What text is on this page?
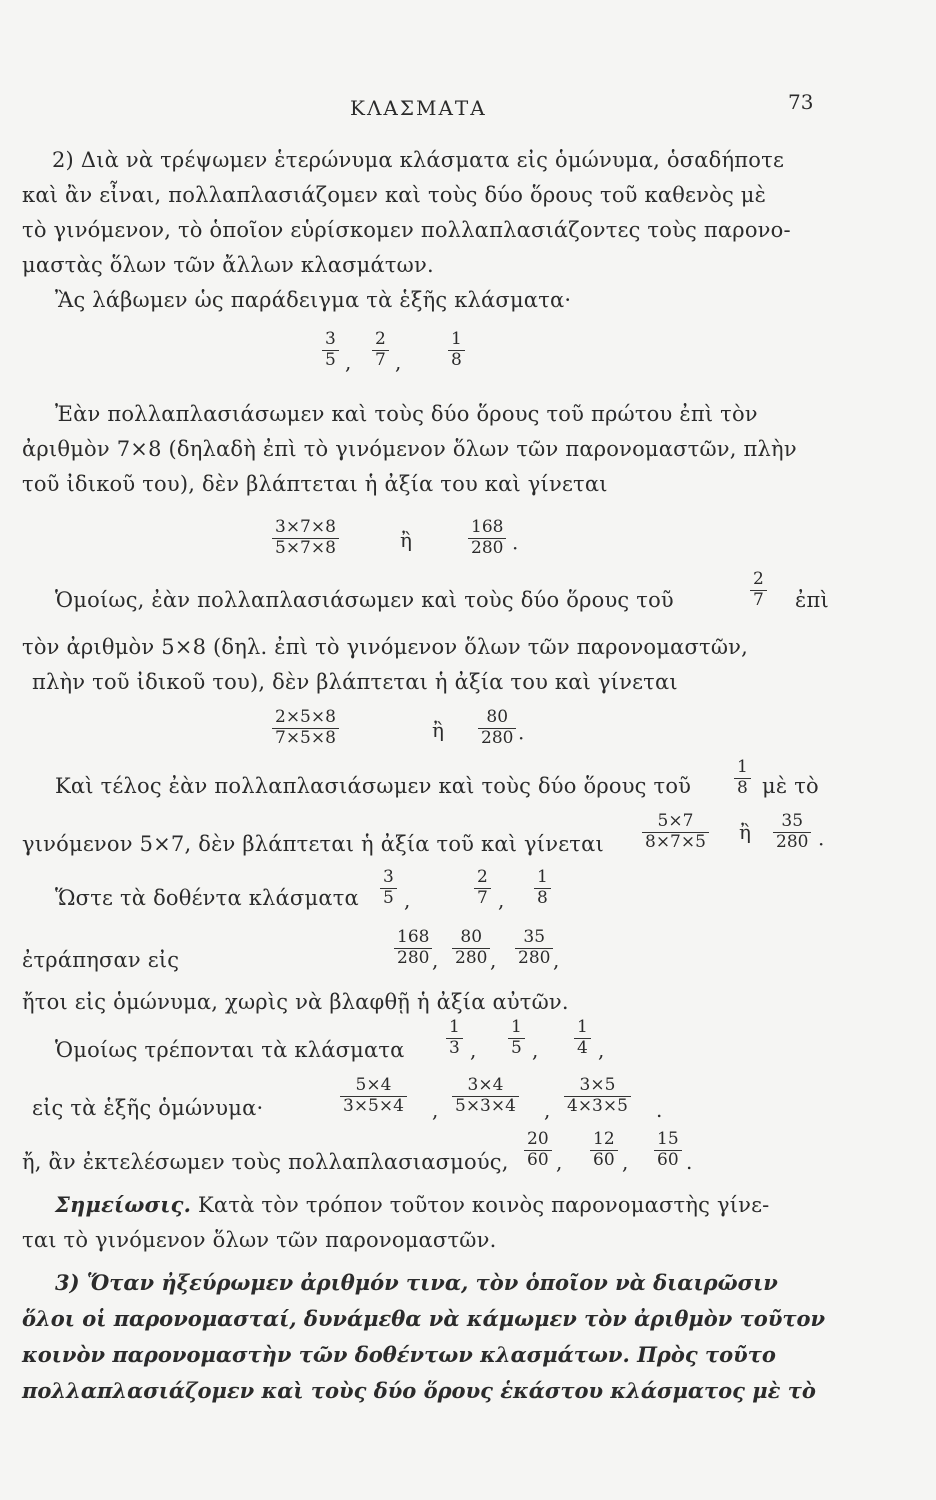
ΚΛΑΣΜΑΤΑ	73
2) Διὰ νὰ τρέψωμεν ἑτερώνυμα κλάσματα εἰς ὁμώνυμα, ὁσαδήποτε
καὶ ἂν εἶναι, πολλαπλασιάζομεν καὶ τοὺς δύο ὅρους τοῦ καθενὸς μὲ
τὸ γινόμενον, τὸ ὁποῖον εὑρίσκομεν πολλαπλασιάζοντες τοὺς παρονο-
μαστὰς ὅλων τῶν ἄλλων κλασμάτων.
Ἂς λάβωμεν ὡς παράδειγμα τὰ ἑξῆς κλάσματα·
3
5 ,
2
7 ,
1
8
Ἐὰν πολλαπλασιάσωμεν καὶ τοὺς δύο ὅρους τοῦ πρώτου ἐπὶ τὸν
ἀριθμὸν 7×8 (δηλαδὴ ἐπὶ τὸ γινόμενον ὅλων τῶν παρονομαστῶν, πλὴν
τοῦ ἰδικοῦ του), δὲν βλάπτεται ἡ ἀξία του καὶ γίνεται
3×7×8
5×7×8	ἢ
168
280 ·
Ὁμοίως, ἐὰν πολλαπλασιάσωμεν καὶ τοὺς δύο ὅρους τοῦ
2
7 ἐπὶ
τὸν ἀριθμὸν 5×8 (δηλ. ἐπὶ τὸ γινόμενον ὅλων τῶν παρονομαστῶν,
πλὴν τοῦ ἰδικοῦ του), δὲν βλάπτεται ἡ ἀξία του καὶ γίνεται
2×5×8
7×5×8	ἢ
80
280 ·
Καὶ τέλος ἐὰν πολλαπλασιάσωμεν καὶ τοὺς δύο ὅρους τοῦ
1
8 μὲ τὸ
γινόμενον 5×7, δὲν βλάπτεται ἡ ἀξία τοῦ καὶ γίνεται
5×7
8×7×5 ἢ 35
280 ·
Ὥστε τὰ δοθέντα κλάσματα
3
5 ,
2
7 ,
1
8
ἐτράπησαν εἰς
168
280 ,
80
280 ,
35
280 ,
ἤτοι εἰς ὁμώνυμα, χωρὶς νὰ βλαφθῇ ἡ ἀξία αὐτῶν.
Ὁμοίως τρέπονται τὰ κλάσματα
1
3 ,
1
5 ,
1
4 ,
εἰς τὰ ἑξῆς ὁμώνυμα·
5×4
3×5×4 ,
3×4
5×3×4 ,
3×5
4×3×5 .
ἤ, ἂν ἐκτελέσωμεν τοὺς πολλαπλασιασμούς,
20
60 ,
12
60 ,
15
60 .
Σημείωσις. Κατὰ τὸν τρόπον τοῦτον κοινὸς παρονομαστὴς γίνε-
ται τὸ γινόμενον ὅλων τῶν παρονομαστῶν.
3) Ὅταν ἠξεύρωμεν ἀριθμόν τινα, τὸν ὁποῖον νὰ διαιρῶσιν
ὅλοι οἱ παρονομασταί, δυνάμεθα νὰ κάμωμεν τὸν ἀριθμὸν τοῦτον
κοινὸν παρονομαστὴν τῶν δοθέντων κλασμάτων. Πρὸς τοῦτο
πολλαπλασιάζομεν καὶ τοὺς δύο ὅρους ἑκάστου κλάσματος μὲ τὸ
